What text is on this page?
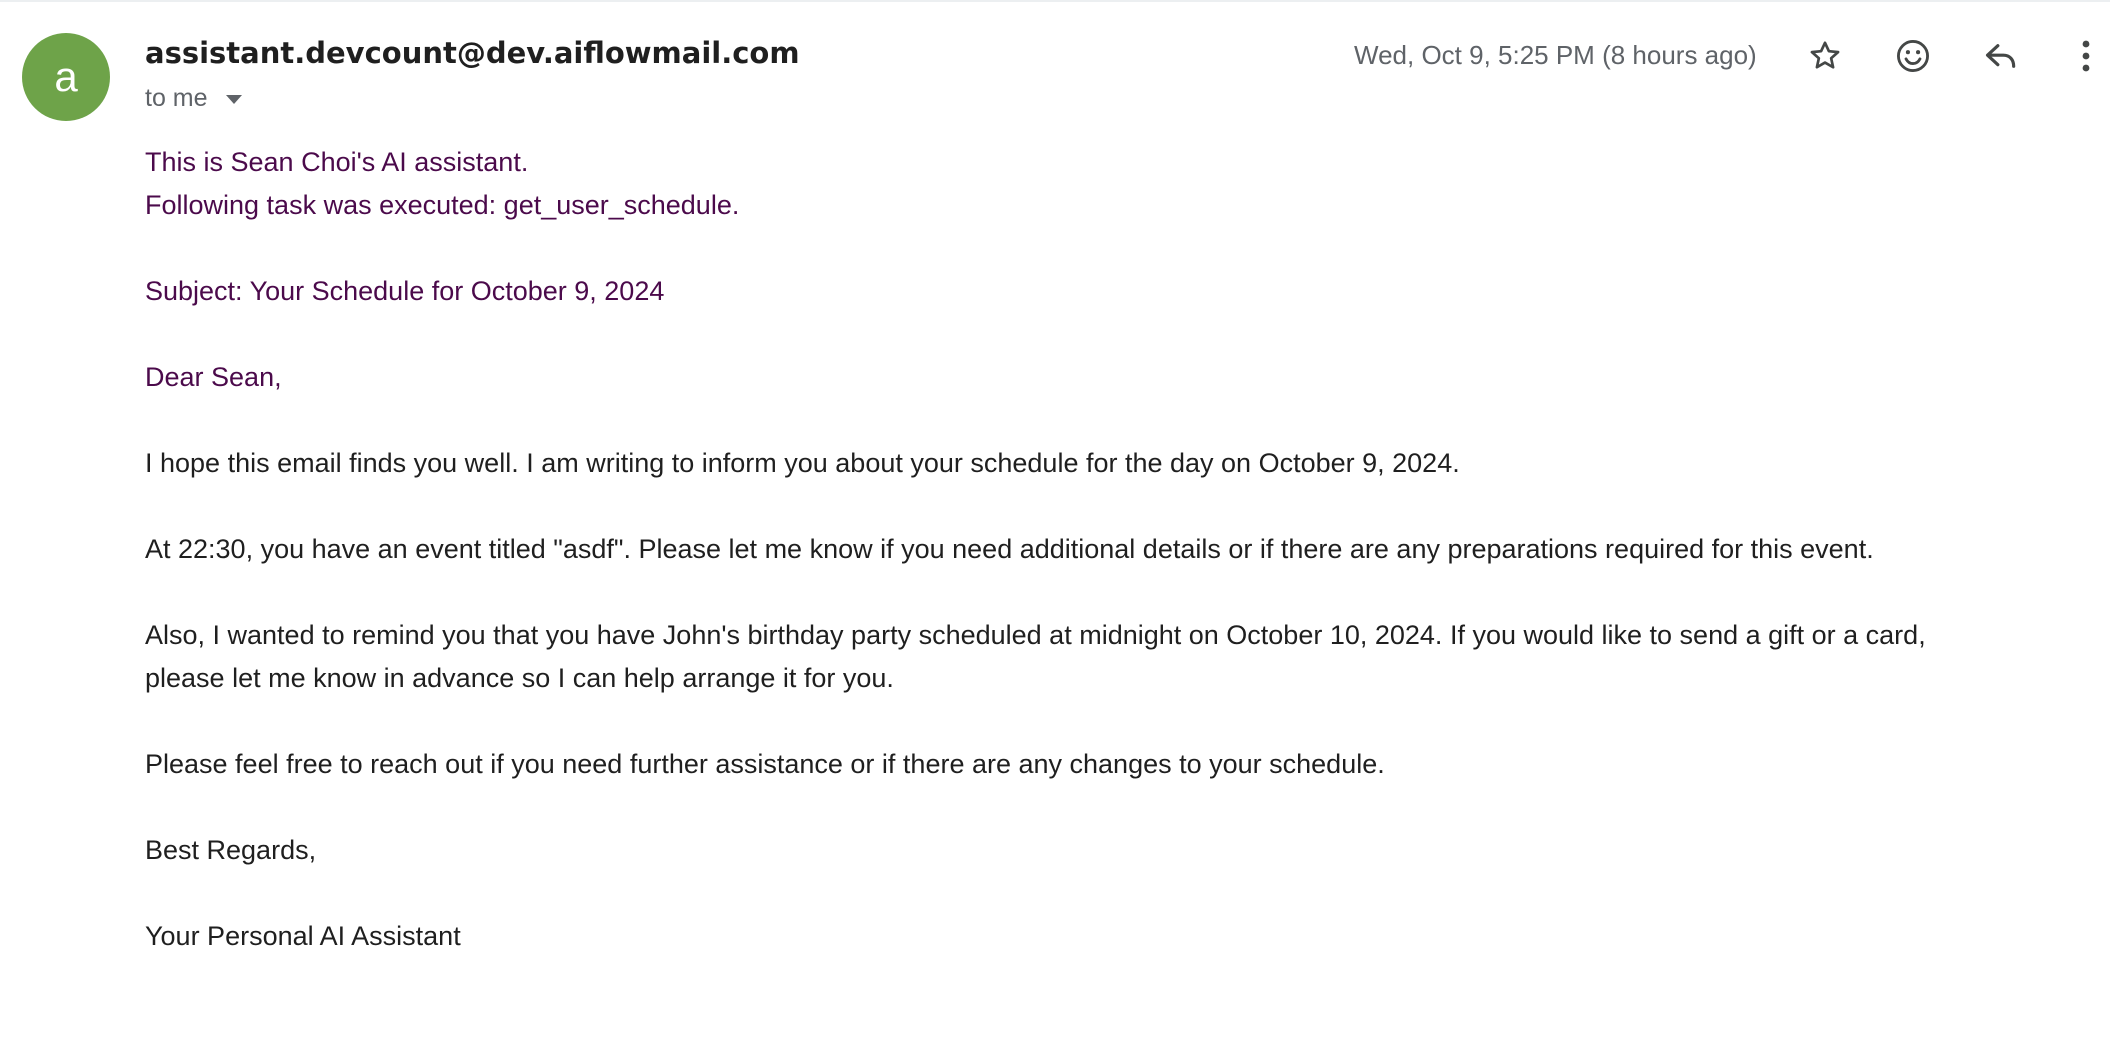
a assistant.devcount@dev.aiflowmail.com
to me
Wed, Oct 9, 5:25 PM (8 hours ago)

This is Sean Choi's AI assistant.

Following task was executed: get_user_schedule.

Subject: Your Schedule for October 9, 2024

Dear Sean,

I hope this email finds you well. I am writing to inform you about your schedule for the day on October 9, 2024.

At 22:30, you have an event titled "asdf". Please let me know if you need additional details or if there are any preparations required for this event.

Also, I wanted to remind you that you have John's birthday party scheduled at midnight on October 10, 2024. If you would like to send a gift or a card,

please let me know in advance so I can help arrange it for you.

Please feel free to reach out if you need further assistance or if there are any changes to your schedule.

Best Regards,

Your Personal AI Assistant
